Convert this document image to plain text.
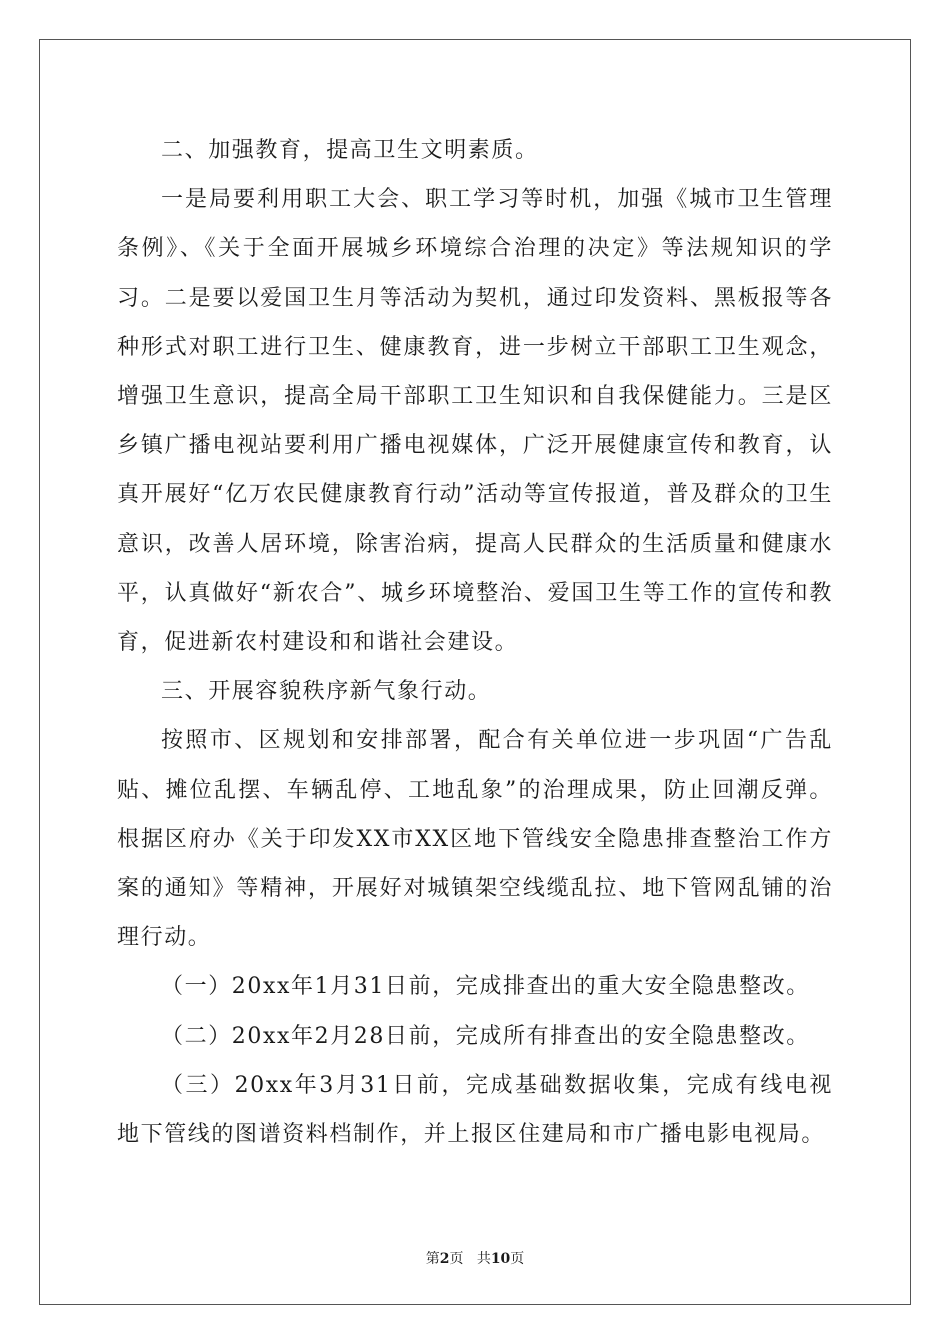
二、加强教育，提高卫生文明素质。

一是局要利用职工大会、职工学习等时机，加强《城市卫生管理条例》、《关于全面开展城乡环境综合治理的决定》等法规知识的学习。二是要以爱国卫生月等活动为契机，通过印发资料、黑板报等各种形式对职工进行卫生、健康教育，进一步树立干部职工卫生观念，增强卫生意识，提高全局干部职工卫生知识和自我保健能力。三是区乡镇广播电视站要利用广播电视媒体，广泛开展健康宣传和教育，认真开展好“亿万农民健康教育行动”活动等宣传报道，普及群众的卫生意识，改善人居环境，除害治病，提高人民群众的生活质量和健康水平，认真做好“新农合”、城乡环境整治、爱国卫生等工作的宣传和教育，促进新农村建设和和谐社会建设。

三、开展容貌秩序新气象行动。

按照市、区规划和安排部署，配合有关单位进一步巩固“广告乱贴、摊位乱摆、车辆乱停、工地乱象”的治理成果，防止回潮反弹。根据区府办《关于印发XX市XX区地下管线安全隐患排查整治工作方案的通知》等精神，开展好对城镇架空线缆乱拉、地下管网乱铺的治理行动。

（一）20xx年1月31日前，完成排查出的重大安全隐患整改。

（二）20xx年2月28日前，完成所有排查出的安全隐患整改。

（三）20xx年3月31日前，完成基础数据收集，完成有线电视地下管线的图谱资料档制作，并上报区住建局和市广播电影电视局。

第2页 共10页
